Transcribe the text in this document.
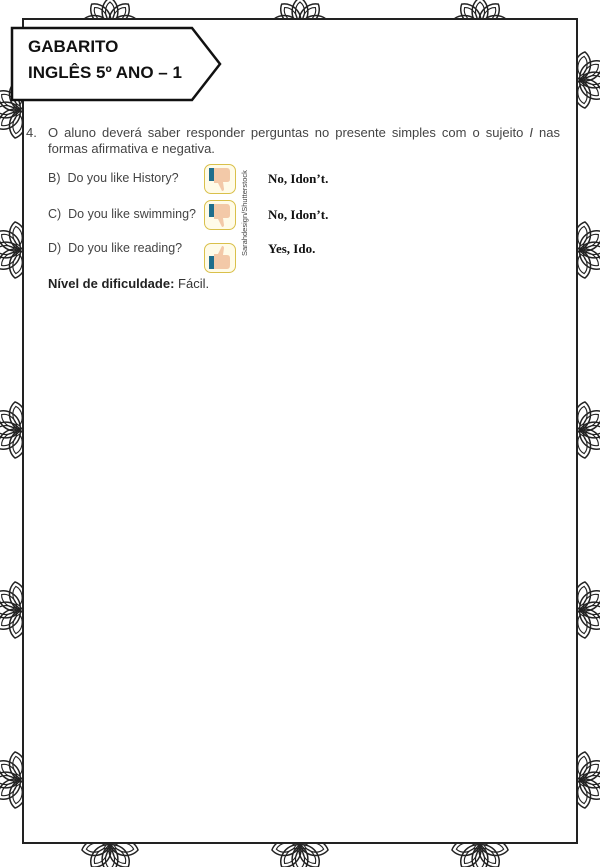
GABARITO
INGLÊS 5º ANO – 1
4. O aluno deverá saber responder perguntas no presente simples com o sujeito I nas formas afirmativa e negativa.
B) Do you like History?	No, Idon’t.
C) Do you like swimming?	No, Idon’t.
D) Do you like reading?	Yes, Ido.
Sarahdesign/Shutterstock
Nível de dificuldade: Fácil.
